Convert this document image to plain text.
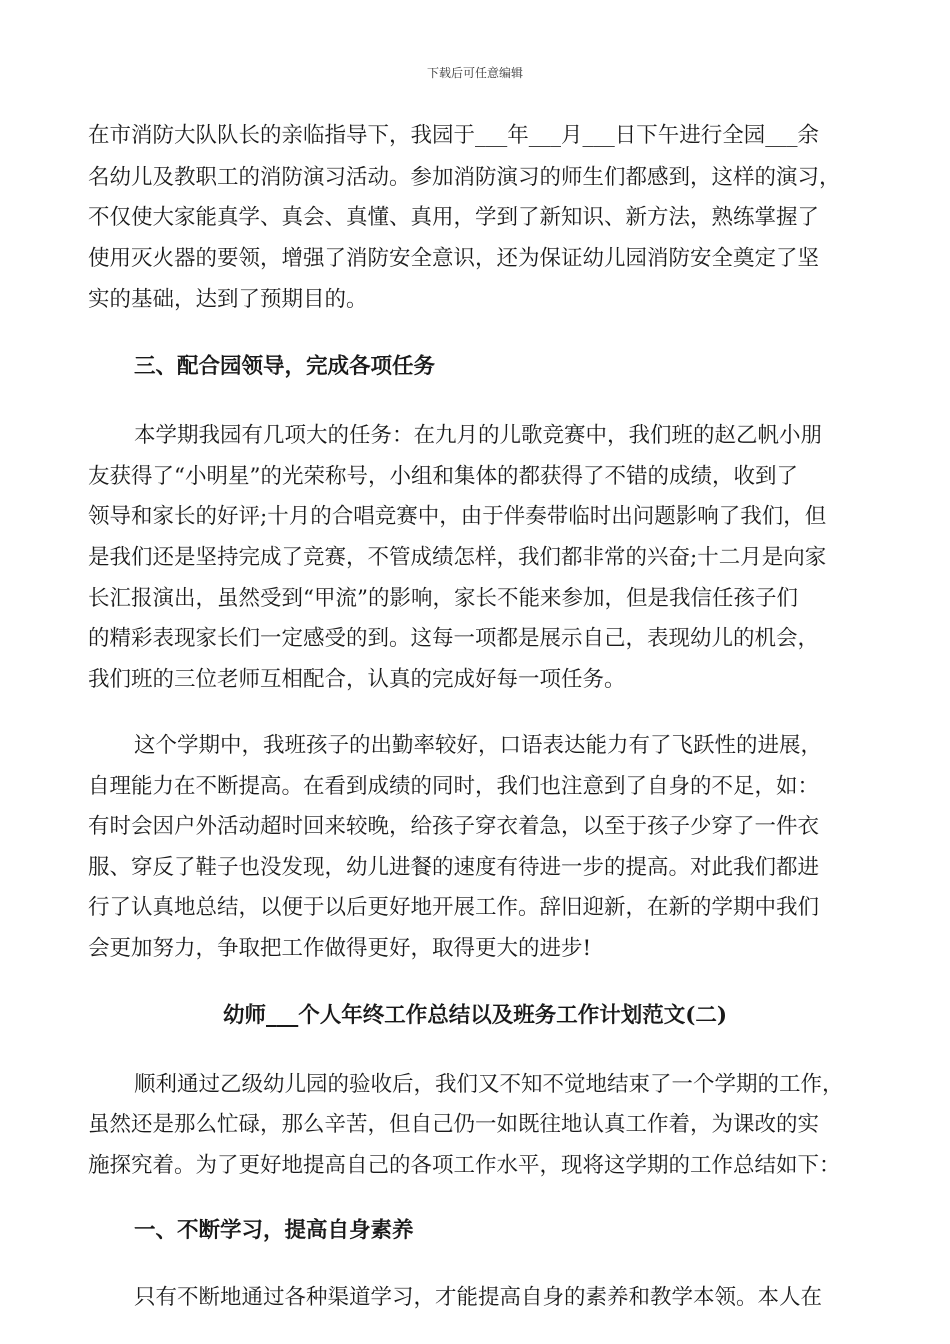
下载后可任意编辑
在市消防大队队长的亲临指导下，我园于___年___月___日下午进行全园___余
名幼儿及教职工的消防演习活动。参加消防演习的师生们都感到，这样的演习，
不仅使大家能真学、真会、真懂、真用，学到了新知识、新方法，熟练掌握了
使用灭火器的要领，增强了消防安全意识，还为保证幼儿园消防安全奠定了坚
实的基础，达到了预期目的。
三、配合园领导，完成各项任务
本学期我园有几项大的任务：在九月的儿歌竞赛中，我们班的赵乙帆小朋
友获得了“小明星”的光荣称号，小组和集体的都获得了不错的成绩，收到了
领导和家长的好评;十月的合唱竞赛中，由于伴奏带临时出问题影响了我们，但
是我们还是坚持完成了竞赛，不管成绩怎样，我们都非常的兴奋;十二月是向家
长汇报演出，虽然受到“甲流”的影响，家长不能来参加，但是我信任孩子们
的精彩表现家长们一定感受的到。这每一项都是展示自己，表现幼儿的机会，
我们班的三位老师互相配合，认真的完成好每一项任务。
这个学期中，我班孩子的出勤率较好，口语表达能力有了飞跃性的进展，
自理能力在不断提高。在看到成绩的同时，我们也注意到了自身的不足，如：
有时会因户外活动超时回来较晚，给孩子穿衣着急，以至于孩子少穿了一件衣
服、穿反了鞋子也没发现，幼儿进餐的速度有待进一步的提高。对此我们都进
行了认真地总结，以便于以后更好地开展工作。辞旧迎新，在新的学期中我们
会更加努力，争取把工作做得更好，取得更大的进步!
幼师___个人年终工作总结以及班务工作计划范文(二)
顺利通过乙级幼儿园的验收后，我们又不知不觉地结束了一个学期的工作，
虽然还是那么忙碌，那么辛苦，但自己仍一如既往地认真工作着，为课改的实
施探究着。为了更好地提高自己的各项工作水平，现将这学期的工作总结如下：
一、不断学习，提高自身素养
只有不断地通过各种渠道学习，才能提高自身的素养和教学本领。本人在
